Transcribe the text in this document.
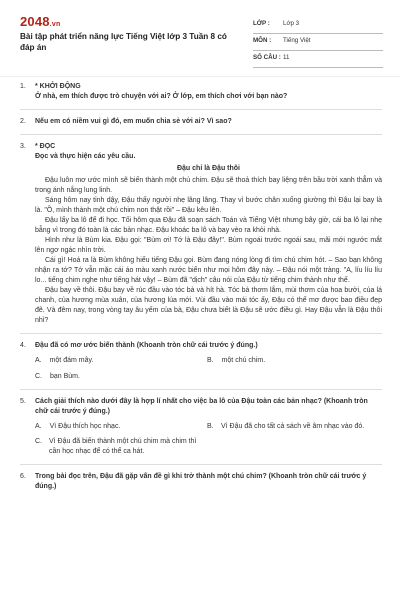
2048.vn
Bài tập phát triển năng lực Tiếng Việt lớp 3 Tuần 8 có đáp án
LỚP : Lớp 3
MÔN : Tiếng Việt
SỐ CÂU : 11
1. * KHỞI ĐỘNG
Ở nhà, em thích được trò chuyện với ai? Ở lớp, em thích chơi với bạn nào?
2. Nếu em có niềm vui gì đó, em muốn chia sẻ với ai? Vì sao?
3. * ĐỌC
Đọc và thực hiện các yêu cầu.
Đậu chỉ là Đậu thôi
Đậu luôn mơ ước mình sẽ biến thành một chú chim. Đậu sẽ thoả thích bay liệng trên bầu trời xanh thẳm và trong ánh nắng lung linh.
Sáng hôm nay tỉnh dậy, Đậu thấy người nhẹ lâng lâng. Thay vì bước chân xuống giường thì Đậu lại bay là là. "Ồ, mình thành một chú chim non thật rồi" – Đậu kêu lên.
Đậu lấy ba lô để đi học. Tối hôm qua Đậu đã soạn sách Toán và Tiếng Việt nhưng bây giờ, cái ba lô lại nhẹ bẫng vì trong đó toàn là các bản nhạc. Đậu khoác ba lô và bay vèo ra khỏi nhà.
Hình như là Bùm kia. Đậu gọi: "Bùm ơi! Tớ là Đậu đây!". Bùm ngoái trước ngoái sau, mãi mới ngước mắt lên ngơ ngác nhìn trời.
Cái gì! Hoá ra là Bùm không hiểu tiếng Đậu gọi. Bùm đang nóng lòng đi tìm chú chim hót. – Sao bạn không nhận ra tớ? Tớ vẫn mặc cái áo màu xanh nước biển như mọi hôm đây này. – Đậu nói một tràng. "A, líu líu líu lo... tiếng chim nghe như tiếng hát vậy! – Bùm đã "dịch" câu nói của Đậu từ tiếng chim thành như thế.
Đậu bay về thôi. Đậu bay về rúc đầu vào tóc bà và hít hà. Tóc bà thơm lắm, mùi thơm của hoa bưởi, của lá chanh, của hương mùa xuân, của hương lúa mới. Vùi đầu vào mái tóc ấy, Đậu có thể mơ được bao điều đẹp đẽ. Và đêm nay, trong vòng tay âu yếm của bà, Đậu chưa biết là Đậu sẽ ước điều gì. Hay Đậu vẫn là Đậu thôi nhỉ?
4. Đậu đã có mơ ước biến thành (Khoanh tròn chữ cái trước ý đúng.)
A. một đám mây.	B. một chú chim.
C. bạn Bùm.
5. Cách giải thích nào dưới đây là hợp lí nhất cho việc ba lô của Đậu toàn các bản nhạc? (Khoanh tròn chữ cái trước ý đúng.)
A. Vì Đậu thích học nhạc.	B. Vì Đậu đã cho tất cả sách về âm nhạc vào đó.
C. Vì Đậu đã biến thành một chú chim mà chim thì cần học nhạc để có thể ca hát.
6. Trong bài đọc trên, Đậu đã gặp vấn đề gì khi trở thành một chú chim? (Khoanh tròn chữ cái trước ý đúng.)
